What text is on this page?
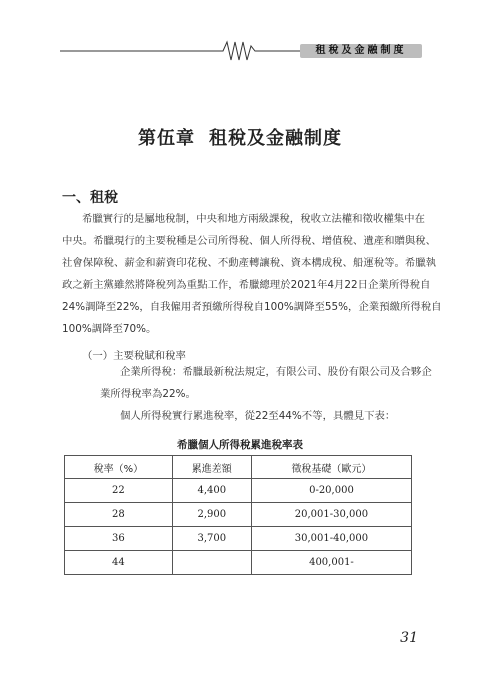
租稅及金融制度
第伍章 租稅及金融制度
一、租稅
希臘實行的是屬地稅制，中央和地方兩級課稅，稅收立法權和徵收權集中在
中央。希臘現行的主要稅種是公司所得稅、個人所得稅、增值稅、遺產和贈與稅、
社會保障稅、薪金和薪資印花稅、不動產轉讓稅、資本構成稅、船運稅等。希臘執
政之新主黨雖然將降稅列為重點工作，希臘總理於2021年4月22日企業所得稅自
24%調降至22%，自我僱用者預繳所得稅自100%調降至55%，企業預繳所得稅自
100%調降至70%。
（一）主要稅賦和稅率
企業所得稅：希臘最新稅法規定，有限公司、股份有限公司及合夥企
業所得稅率為22%。
個人所得稅實行累進稅率，從22至44%不等，具體見下表：
希臘個人所得稅累進稅率表
稅率（%）	累進差額	徵稅基礎（歐元）
22	4,400	0-20,000
28	2,900	20,001-30,000
36	3,700	30,001-40,000
44		400,001-
31
